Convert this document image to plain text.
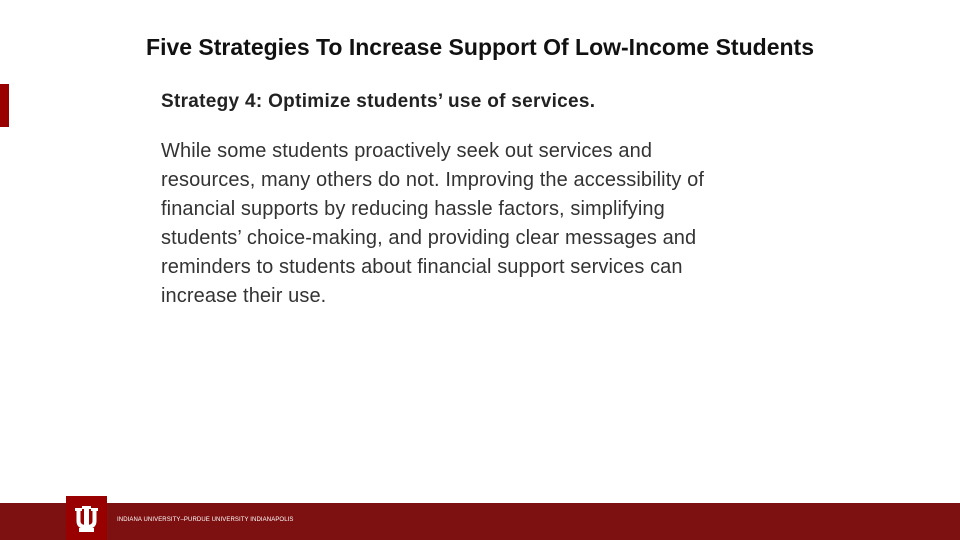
Five Strategies To Increase Support Of Low-Income Students
Strategy 4: Optimize students’ use of services.
While some students proactively seek out services and
resources, many others do not. Improving the accessibility of
financial supports by reducing hassle factors, simplifying
students’ choice-making, and providing clear messages and
reminders to students about financial support services can
increase their use.
INDIANA UNIVERSITY–PURDUE UNIVERSITY INDIANAPOLIS
